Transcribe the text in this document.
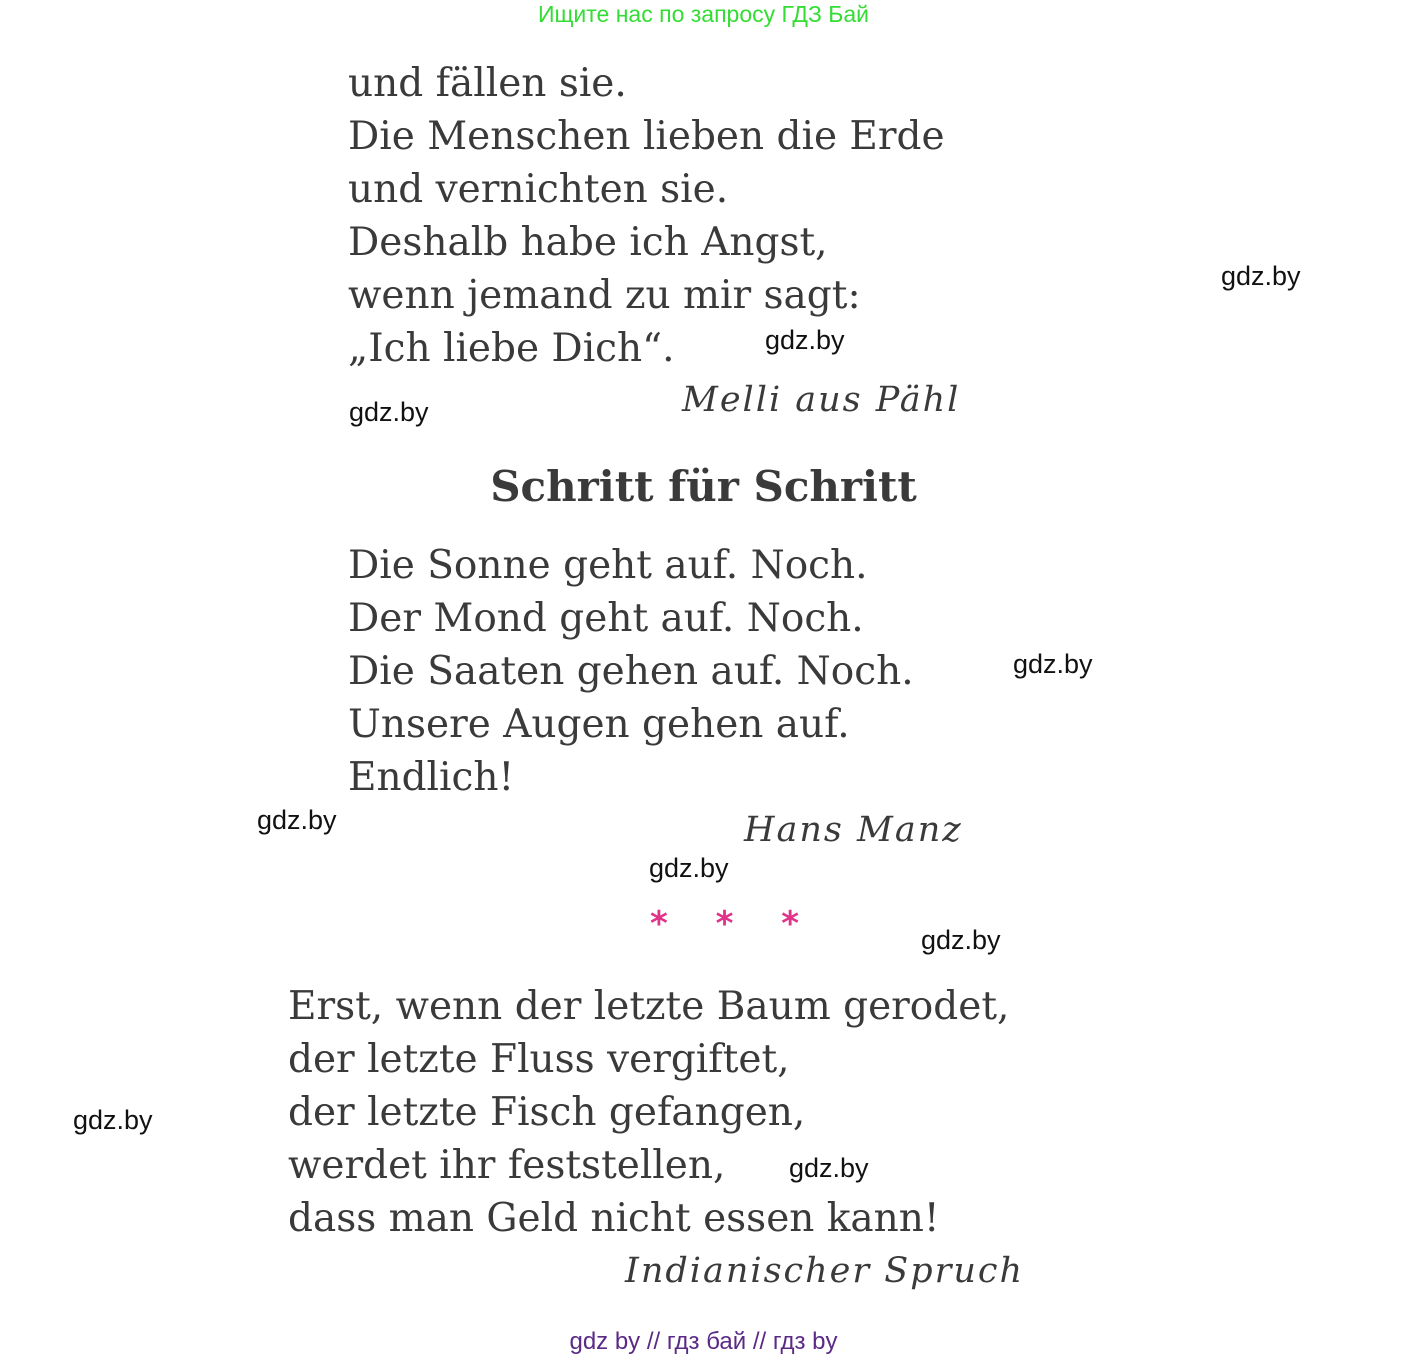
Ищите нас по запросу ГДЗ Бай

und fällen sie.

Die Menschen lieben die Erde

und vernichten sie.

Deshalb habe ich Angst,

wenn jemand zu mir sagt:

„Ich liebe Dich“.

Melli aus Pähl
Schritt für Schritt

Die Sonne geht auf. Noch.

Der Mond geht auf. Noch.

Die Saaten gehen auf. Noch.

Unsere Augen gehen auf.

Endlich!

Hans Manz
* * *

Erst, wenn der letzte Baum gerodet,

der letzte Fluss vergiftet,

der letzte Fisch gefangen,

werdet ihr feststellen,

dass man Geld nicht essen kann!

Indianischer Spruch
gdz.by
gdz.by
gdz.by
gdz.by
gdz.by
gdz.by
gdz.by
gdz.by
gdz.by
gdz by // гдз бай // гдз by
